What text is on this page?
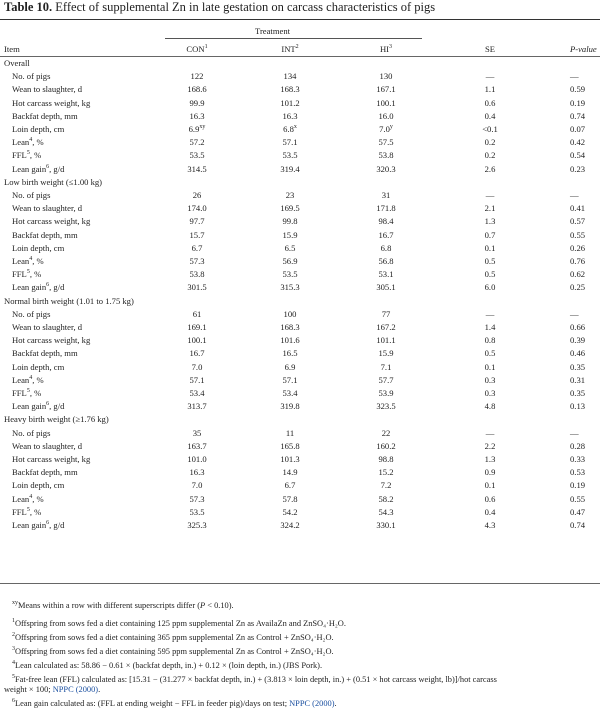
Table 10. Effect of supplemental Zn in late gestation on carcass characteristics of pigs
Treatment
Item	CON$^1$	INT$^2$	$HI^3$	SE	P-value
Overall
No. of pigs	122	134	130	—	—
Wean to slaughter, d	168.6	168.3	167.1	1.1	0.59
Hot carcass weight, kg	99.9	101.2	100.1	0.6	0.19
Backfat depth, mm	16.3	16.3	16.0	0.4	0.74
Loin depth, cm	$6.9^{xy}$	6.8$^x$	$7.0^y$	<0.1	0.07
Lean$^4$, %	57.2	57.1	57.5	0.2	0.42
FFL$^5$, %	53.5	53.5	53.8	0.2	0.54
Lean gain$^6$, g/d	314.5	319.4	320.3	2.6	0.23
Low birth weight (≤1.00 kg)
No. of pigs	26	23	31	—	—
Wean to slaughter, d	174.0	169.5	171.8	2.1	0.41
Hot carcass weight, kg	97.7	99.8	98.4	1.3	0.57
Backfat depth, mm	15.7	15.9	16.7	0.7	0.55
Loin depth, cm	6.7	6.5	6.8	0.1	0.26
Lean$^4$, %	57.3	56.9	56.8	0.5	0.76
FFL$^5$, %	53.8	53.5	53.1	0.5	0.62
Lean gain$^6$, g/d	301.5	315.3	305.1	6.0	0.25
Normal birth weight (1.01 to 1.75 kg)
No. of pigs	61	100	77	—	—
Wean to slaughter, d	169.1	168.3	167.2	1.4	0.66
Hot carcass weight, kg	100.1	101.6	101.1	0.8	0.39
Backfat depth, mm	16.7	16.5	15.9	0.5	0.46
Loin depth, cm	7.0	6.9	7.1	0.1	0.35
Lean$^4$, %	57.1	57.1	57.7	0.3	0.31
FFL$^5$, %	53.4	53.4	53.9	0.3	0.35
Lean gain$^6$, g/d	313.7	319.8	323.5	4.8	0.13
Heavy birth weight (≥1.76 kg)
No. of pigs	35	11	22	—	—
Wean to slaughter, d	163.7	165.8	160.2	2.2	0.28
Hot carcass weight, kg	101.0	101.3	98.8	1.3	0.33
Backfat depth, mm	16.3	14.9	15.2	0.9	0.53
Loin depth, cm	7.0	6.7	7.2	0.1	0.19
Lean$^4$, %	57.3	57.8	58.2	0.6	0.55
FFL$^5$, %	53.5	54.2	54.3	0.4	0.47
Lean gain$^6$, g/d	325.3	324.2	330.1	4.3	0.74
$^{xy}$Means within a row with different superscripts differ (P < 0.10).
$^1$Offspring from sows fed a diet containing 125 ppm supplemental Zn as AvailaZn and ZnSO₄·H₂O.
$^2$Offspring from sows fed a diet containing 365 ppm supplemental Zn as Control + ZnSO₄·H₂O.
$^3$Offspring from sows fed a diet containing 595 ppm supplemental Zn as Control + ZnSO₄·H₂O.
$^4$Lean calculated as: 58.86 − 0.61 × (backfat depth, in.) + 0.12 × (loin depth, in.) (JBS Pork).
$^5$Fat-free lean (FFL) calculated as: [15.31 − (31.277 × backfat depth, in.) + (3.813 × loin depth, in.) + (0.51 × hot carcass weight, lb)]/hot carcass
weight × 100; NPPC (2000).
$^6$Lean gain calculated as: (FFL at ending weight − FFL in feeder pig)/days on test; NPPC (2000).
